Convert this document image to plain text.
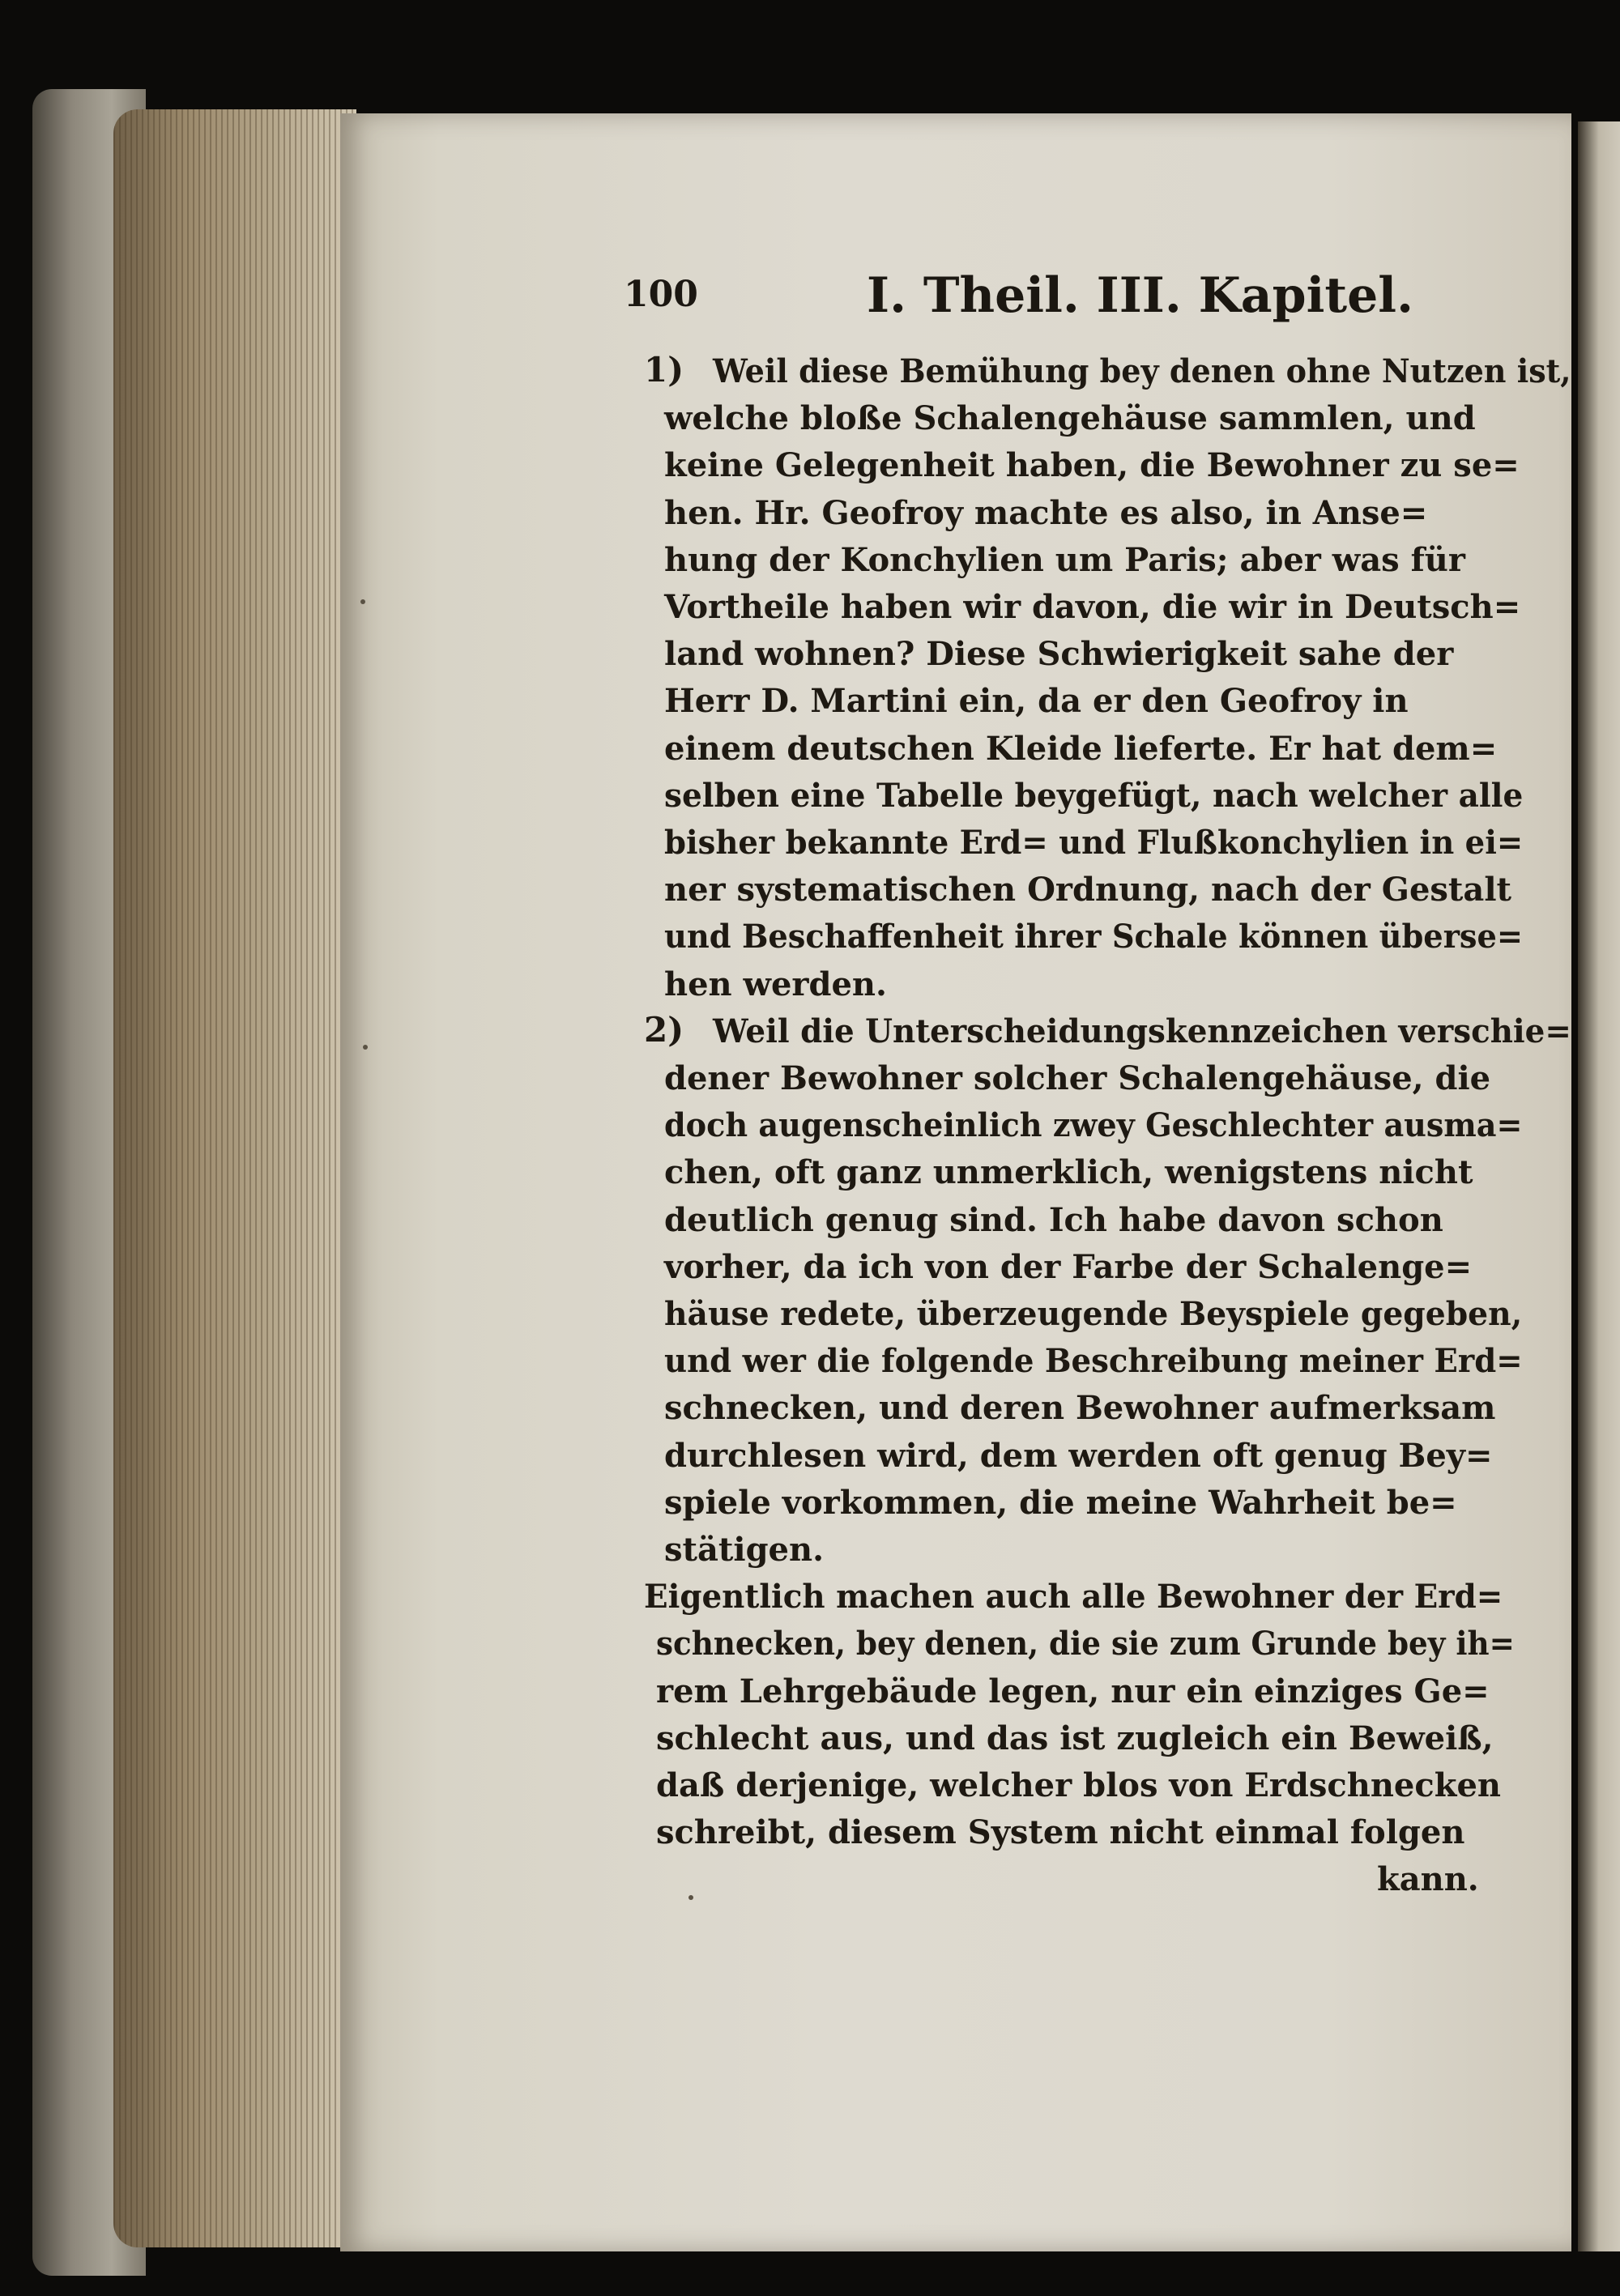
100	I. Theil. III. Kapitel.
1) Weil diese Bemühung bey denen ohne Nutzen ist,
welche bloße Schalengehäuse sammlen, und
keine Gelegenheit haben, die Bewohner zu se=
hen. Hr. Geofroy machte es also, in Anse=
hung der Konchylien um Paris; aber was für
Vortheile haben wir davon, die wir in Deutsch=
land wohnen? Diese Schwierigkeit sahe der
Herr D. Martini ein, da er den Geofroy in
einem deutschen Kleide lieferte. Er hat dem=
selben eine Tabelle beygefügt, nach welcher alle
bisher bekannte Erd= und Flußkonchylien in ei=
ner systematischen Ordnung, nach der Gestalt
und Beschaffenheit ihrer Schale können überse=
hen werden.
2) Weil die Unterscheidungskennzeichen verschie=
dener Bewohner solcher Schalengehäuse, die
doch augenscheinlich zwey Geschlechter ausma=
chen, oft ganz unmerklich, wenigstens nicht
deutlich genug sind. Ich habe davon schon
vorher, da ich von der Farbe der Schalenge=
häuse redete, überzeugende Beyspiele gegeben,
und wer die folgende Beschreibung meiner Erd=
schnecken, und deren Bewohner aufmerksam
durchlesen wird, dem werden oft genug Bey=
spiele vorkommen, die meine Wahrheit be=
stätigen.
Eigentlich machen auch alle Bewohner der Erd=
schnecken, bey denen, die sie zum Grunde bey ih=
rem Lehrgebäude legen, nur ein einziges Ge=
schlecht aus, und das ist zugleich ein Beweiß,
daß derjenige, welcher blos von Erdschnecken
schreibt, diesem System nicht einmal folgen
kann.
